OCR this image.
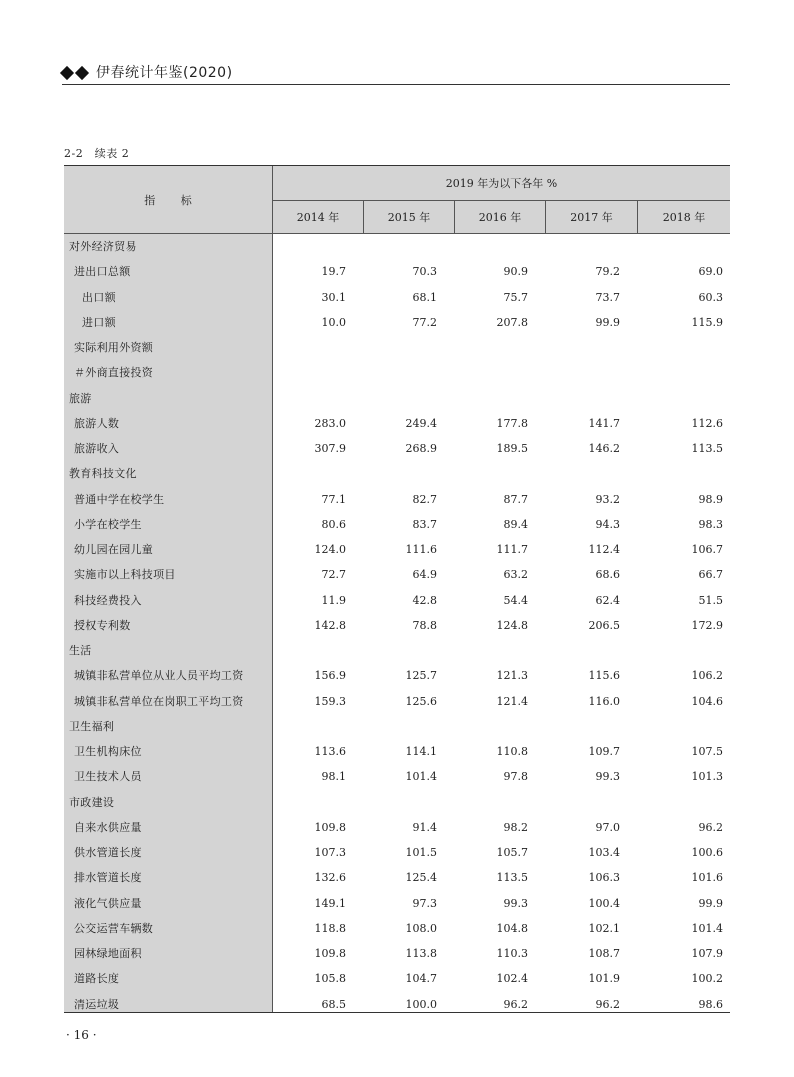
伊春统计年鉴(2020)
2-2　续表 2
指 标
2019 年为以下各年 %
2014 年	2015 年	2016 年	2017 年	2018 年
对外经济贸易
进出口总额	19.7	70.3	90.9	79.2	69.0
出口额	30.1	68.1	75.7	73.7	60.3
进口额	10.0	77.2	207.8	99.9	115.9
实际利用外资额
＃外商直接投资
旅游
旅游人数	283.0	249.4	177.8	141.7	112.6
旅游收入	307.9	268.9	189.5	146.2	113.5
教育科技文化
普通中学在校学生	77.1	82.7	87.7	93.2	98.9
小学在校学生	80.6	83.7	89.4	94.3	98.3
幼儿园在园儿童	124.0	111.6	111.7	112.4	106.7
实施市以上科技项目	72.7	64.9	63.2	68.6	66.7
科技经费投入	11.9	42.8	54.4	62.4	51.5
授权专利数	142.8	78.8	124.8	206.5	172.9
生活
城镇非私营单位从业人员平均工资	156.9	125.7	121.3	115.6	106.2
城镇非私营单位在岗职工平均工资	159.3	125.6	121.4	116.0	104.6
卫生福利
卫生机构床位	113.6	114.1	110.8	109.7	107.5
卫生技术人员	98.1	101.4	97.8	99.3	101.3
市政建设
自来水供应量	109.8	91.4	98.2	97.0	96.2
供水管道长度	107.3	101.5	105.7	103.4	100.6
排水管道长度	132.6	125.4	113.5	106.3	101.6
液化气供应量	149.1	97.3	99.3	100.4	99.9
公交运营车辆数	118.8	108.0	104.8	102.1	101.4
园林绿地面积	109.8	113.8	110.3	108.7	107.9
道路长度	105.8	104.7	102.4	101.9	100.2
清运垃圾	68.5	100.0	96.2	96.2	98.6
· 16 ·
